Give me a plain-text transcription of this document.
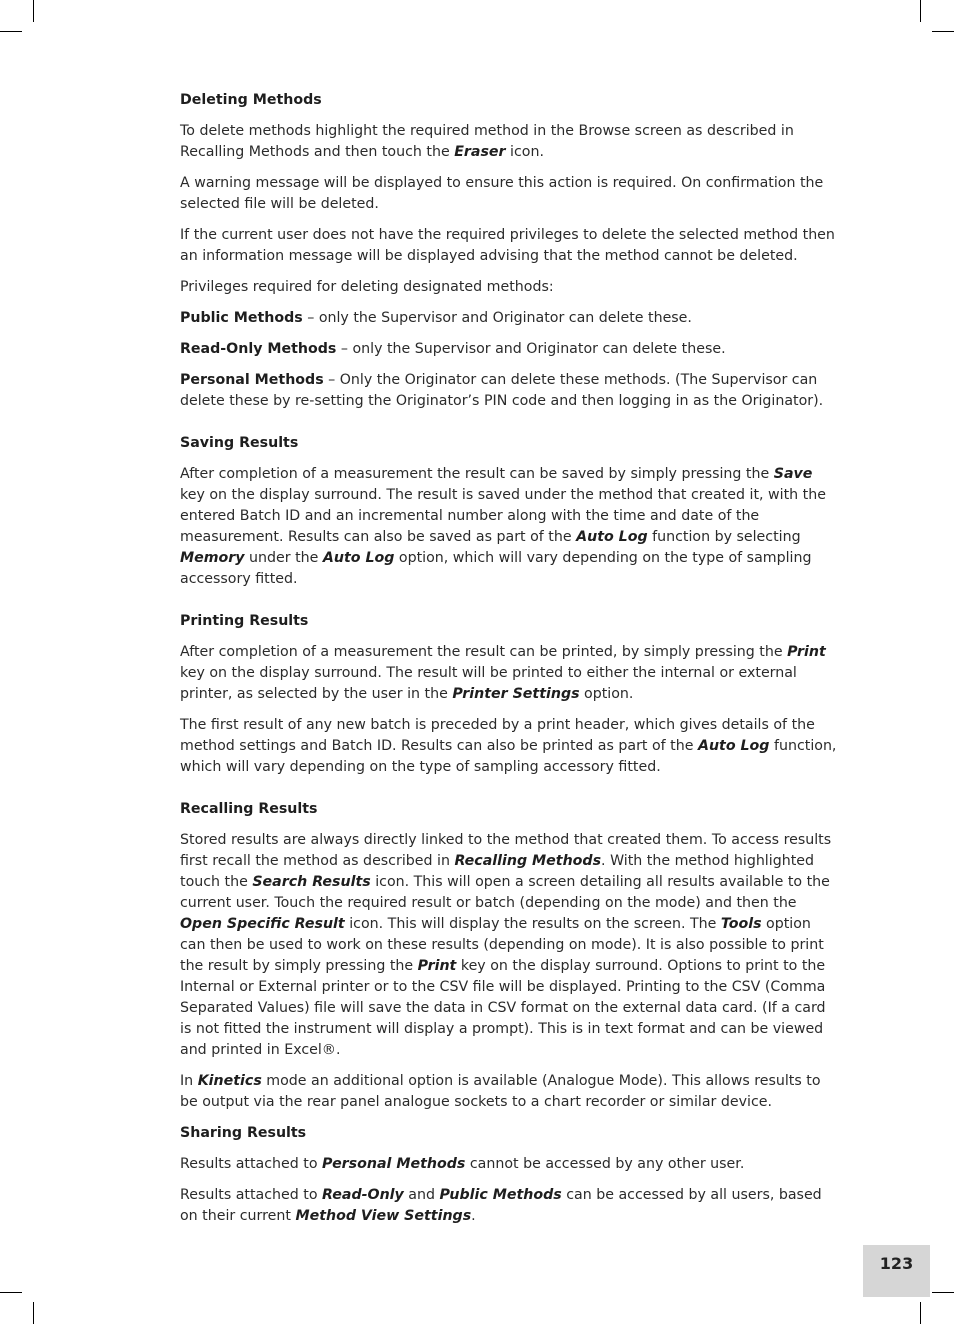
Deleting Methods

To delete methods highlight the required method in the Browse screen as described in Recalling Methods and then touch the Eraser icon.

A warning message will be displayed to ensure this action is required. On confirmation the selected file will be deleted.

If the current user does not have the required privileges to delete the selected method then an information message will be displayed advising that the method cannot be deleted.

Privileges required for deleting designated methods:

Public Methods – only the Supervisor and Originator can delete these.

Read-Only Methods – only the Supervisor and Originator can delete these.

Personal Methods – Only the Originator can delete these methods. (The Supervisor can delete these by re-setting the Originator’s PIN code and then logging in as the Originator).

Saving Results

After completion of a measurement the result can be saved by simply pressing the Save key on the display surround. The result is saved under the method that created it, with the entered Batch ID and an incremental number along with the time and date of the measurement. Results can also be saved as part of the Auto Log function by selecting Memory under the Auto Log option, which will vary depending on the type of sampling accessory fitted.

Printing Results

After completion of a measurement the result can be printed, by simply pressing the Print key on the display surround. The result will be printed to either the internal or external printer, as selected by the user in the Printer Settings option.

The first result of any new batch is preceded by a print header, which gives details of the method settings and Batch ID. Results can also be printed as part of the Auto Log function, which will vary depending on the type of sampling accessory fitted.

Recalling Results

Stored results are always directly linked to the method that created them. To access results first recall the method as described in Recalling Methods. With the method highlighted touch the Search Results icon. This will open a screen detailing all results available to the current user. Touch the required result or batch (depending on the mode) and then the Open Specific Result icon. This will display the results on the screen. The Tools option can then be used to work on these results (depending on mode). It is also possible to print the result by simply pressing the Print key on the display surround. Options to print to the Internal or External printer or to the CSV file will be displayed. Printing to the CSV (Comma Separated Values) file will save the data in CSV format on the external data card. (If a card is not fitted the instrument will display a prompt). This is in text format and can be viewed and printed in Excel®.

In Kinetics mode an additional option is available (Analogue Mode). This allows results to be output via the rear panel analogue sockets to a chart recorder or similar device.

Sharing Results

Results attached to Personal Methods cannot be accessed by any other user.

Results attached to Read-Only and Public Methods can be accessed by all users, based on their current Method View Settings.

123
